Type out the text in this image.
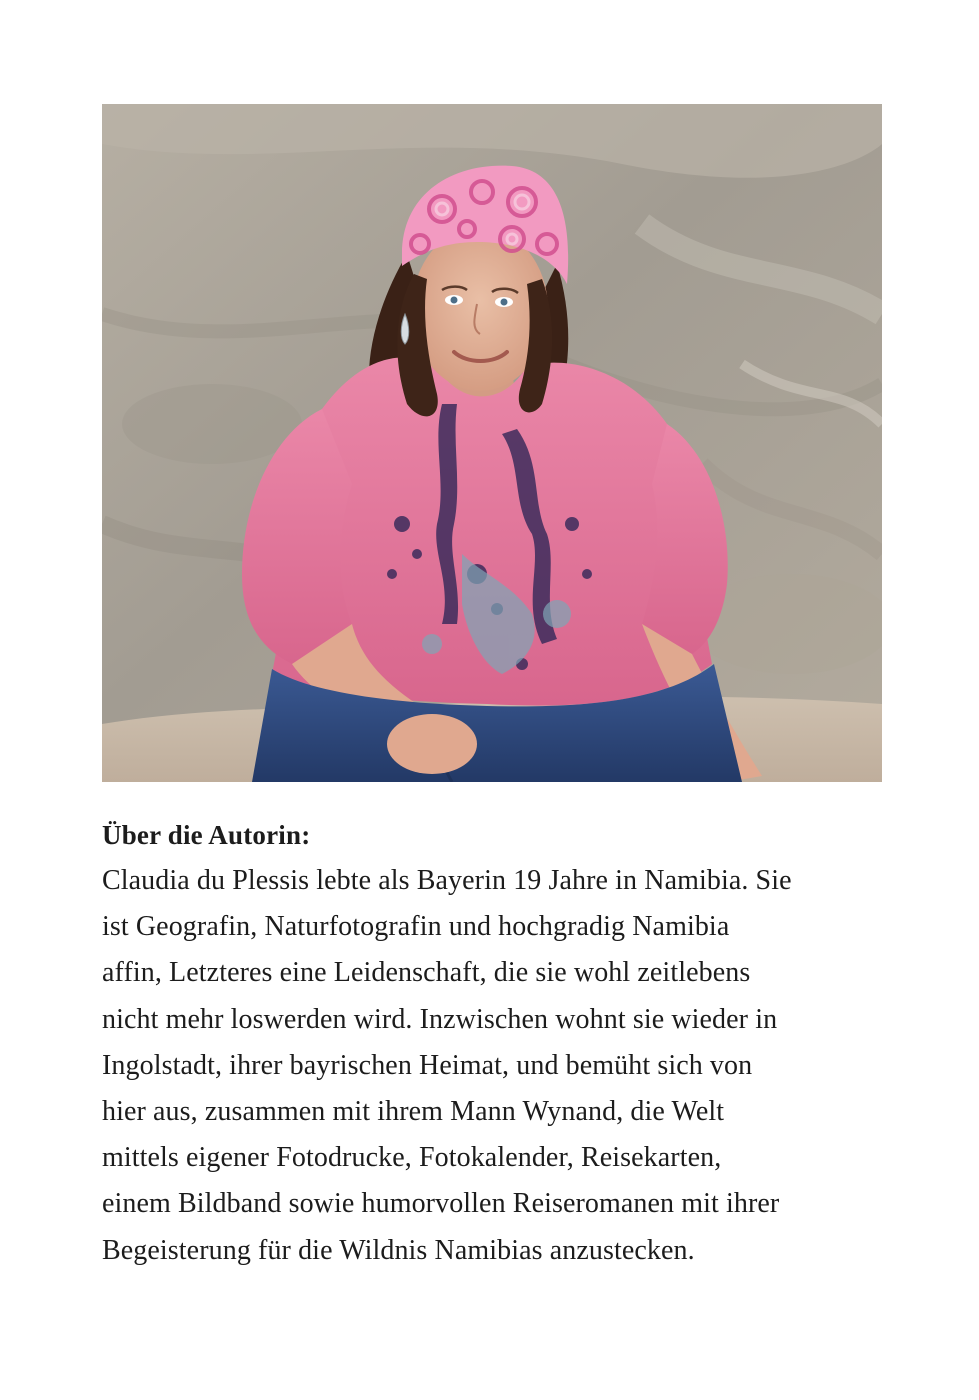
Über die Autorin:

Claudia du Plessis lebte als Bayerin 19 Jahre in Namibia. Sie
ist Geografin, Naturfotografin und hochgradig Namibia
affin, Letzteres eine Leidenschaft, die sie wohl zeitlebens
nicht mehr loswerden wird. Inzwischen wohnt sie wieder in
Ingolstadt, ihrer bayrischen Heimat, und bemüht sich von
hier aus, zusammen mit ihrem Mann Wynand, die Welt
mittels eigener Fotodrucke, Fotokalender, Reisekarten,
einem Bildband sowie humorvollen Reiseromanen mit ihrer
Begeisterung für die Wildnis Namibias anzustecken.
